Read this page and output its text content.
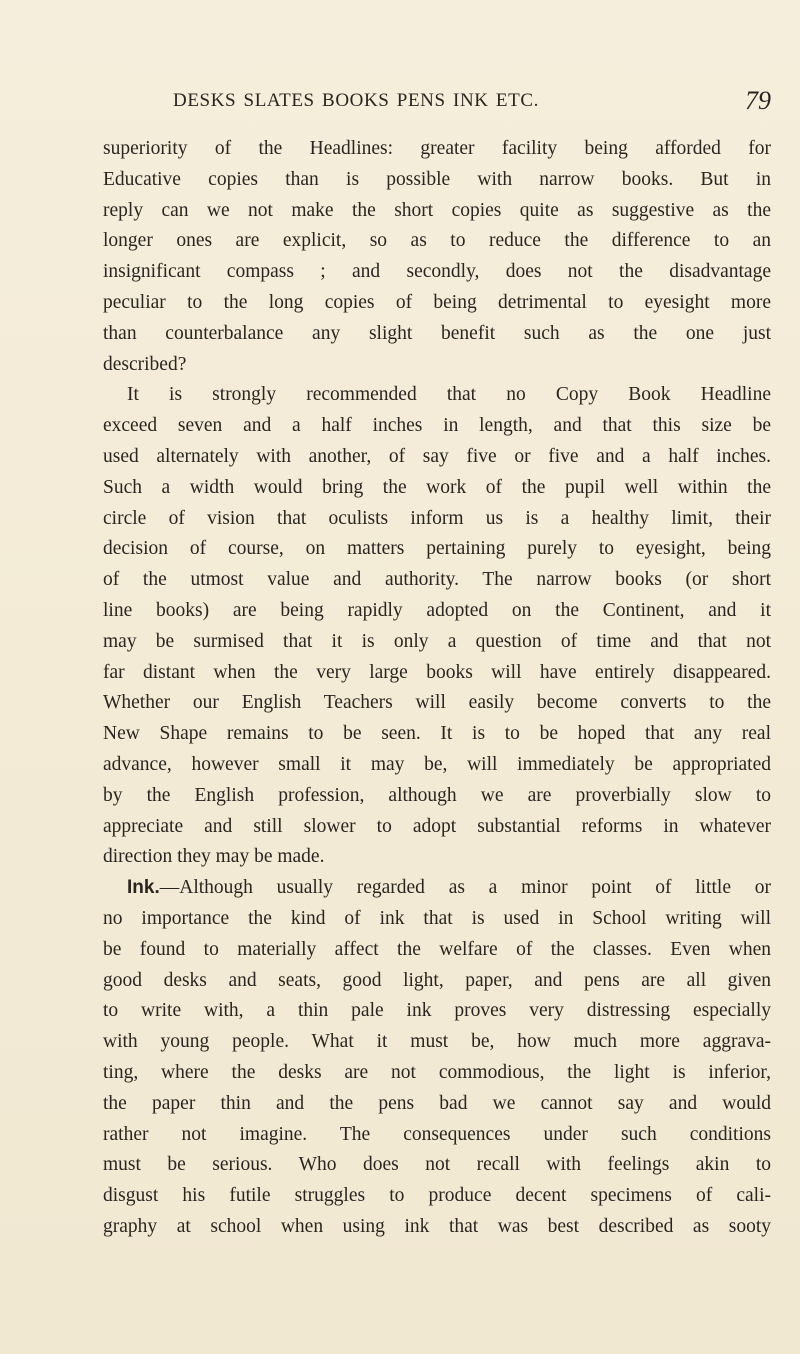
DESKS SLATES BOOKS PENS INK ETC.	79
superiority of the Headlines: greater facility being afforded for
Educative copies than is possible with narrow books. But in
reply can we not make the short copies quite as suggestive as the
longer ones are explicit, so as to reduce the difference to an
insignificant compass ; and secondly, does not the disadvantage
peculiar to the long copies of being detrimental to eyesight more
than counterbalance any slight benefit such as the one just
described?
It is strongly recommended that no Copy Book Headline
exceed seven and a half inches in length, and that this size be
used alternately with another, of say five or five and a half inches.
Such a width would bring the work of the pupil well within the
circle of vision that oculists inform us is a healthy limit, their
decision of course, on matters pertaining purely to eyesight, being
of the utmost value and authority. The narrow books (or short
line books) are being rapidly adopted on the Continent, and it
may be surmised that it is only a question of time and that not
far distant when the very large books will have entirely disappeared.
Whether our English Teachers will easily become converts to the
New Shape remains to be seen. It is to be hoped that any real
advance, however small it may be, will immediately be appropriated
by the English profession, although we are proverbially slow to
appreciate and still slower to adopt substantial reforms in whatever
direction they may be made.
Ink.—Although usually regarded as a minor point of little or
no importance the kind of ink that is used in School writing will
be found to materially affect the welfare of the classes. Even when
good desks and seats, good light, paper, and pens are all given
to write with, a thin pale ink proves very distressing especially
with young people. What it must be, how much more aggrava-
ting, where the desks are not commodious, the light is inferior,
the paper thin and the pens bad we cannot say and would
rather not imagine. The consequences under such conditions
must be serious. Who does not recall with feelings akin to
disgust his futile struggles to produce decent specimens of cali-
graphy at school when using ink that was best described as sooty
